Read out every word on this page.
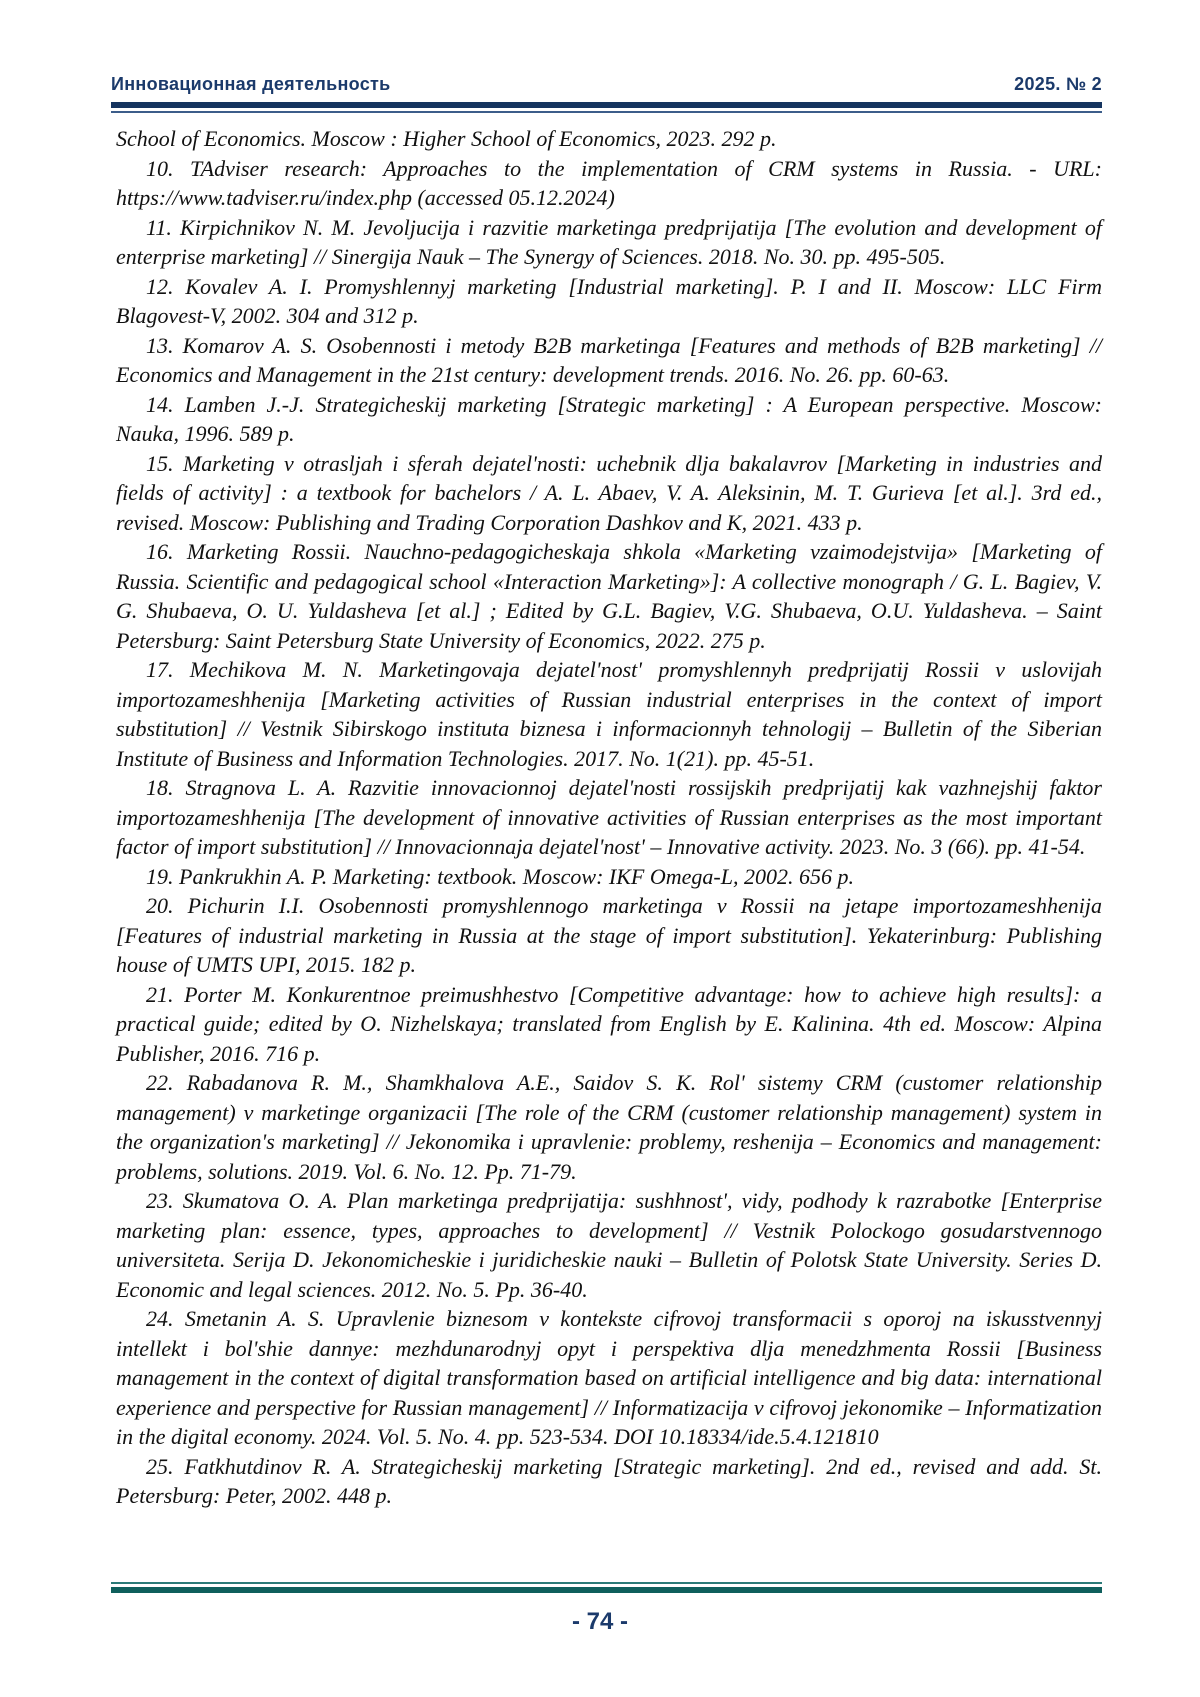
Инновационная деятельность	2025. № 2

School of Economics. Moscow : Higher School of Economics, 2023. 292 p.

10. TAdviser research: Approaches to the implementation of CRM systems in Russia. - URL: https://www.tadviser.ru/index.php (accessed 05.12.2024)

11. Kirpichnikov N. M. Jevoljucija i razvitie marketinga predprijatija [The evolution and development of enterprise marketing] // Sinergija Nauk – The Synergy of Sciences. 2018. No. 30. pp. 495-505.

12. Kovalev A. I. Promyshlennyj marketing [Industrial marketing]. P. I and II. Moscow: LLC Firm Blagovest-V, 2002. 304 and 312 p.

13. Komarov A. S. Osobennosti i metody B2B marketinga [Features and methods of B2B marketing] // Economics and Management in the 21st century: development trends. 2016. No. 26. pp. 60-63.

14. Lamben J.-J. Strategicheskij marketing [Strategic marketing] : A European perspective. Moscow: Nauka, 1996. 589 p.

15. Marketing v otrasljah i sferah dejatel'nosti: uchebnik dlja bakalavrov [Marketing in industries and fields of activity] : a textbook for bachelors / A. L. Abaev, V. A. Aleksinin, M. T. Gurieva [et al.]. 3rd ed., revised. Moscow: Publishing and Trading Corporation Dashkov and K, 2021. 433 p.

16. Marketing Rossii. Nauchno-pedagogicheskaja shkola «Marketing vzaimodejstvija» [Marketing of Russia. Scientific and pedagogical school «Interaction Marketing»]: A collective monograph / G. L. Bagiev, V. G. Shubaeva, O. U. Yuldasheva [et al.] ; Edited by G.L. Bagiev, V.G. Shubaeva, O.U. Yuldasheva. – Saint Petersburg: Saint Petersburg State University of Economics, 2022. 275 p.

17. Mechikova M. N. Marketingovaja dejatel'nost' promyshlennyh predprijatij Rossii v uslovijah importozameshhenija [Marketing activities of Russian industrial enterprises in the context of import substitution] // Vestnik Sibirskogo instituta biznesa i informacionnyh tehnologij – Bulletin of the Siberian Institute of Business and Information Technologies. 2017. No. 1(21). pp. 45-51.

18. Stragnova L. A. Razvitie innovacionnoj dejatel'nosti rossijskih predprijatij kak vazhnejshij faktor importozameshhenija [The development of innovative activities of Russian enterprises as the most important factor of import substitution] // Innovacionnaja dejatel'nost' – Innovative activity. 2023. No. 3 (66). pp. 41-54.

19. Pankrukhin A. P. Marketing: textbook. Moscow: IKF Omega-L, 2002. 656 p.

20. Pichurin I.I. Osobennosti promyshlennogo marketinga v Rossii na jetape importozameshhenija [Features of industrial marketing in Russia at the stage of import substitution]. Yekaterinburg: Publishing house of UMTS UPI, 2015. 182 p.

21. Porter M. Konkurentnoe preimushhestvo [Competitive advantage: how to achieve high results]: a practical guide; edited by O. Nizhelskaya; translated from English by E. Kalinina. 4th ed. Moscow: Alpina Publisher, 2016. 716 p.

22. Rabadanova R. M., Shamkhalova A.E., Saidov S. K. Rol' sistemy CRM (customer relationship management) v marketinge organizacii [The role of the CRM (customer relationship management) system in the organization's marketing] // Jekonomika i upravlenie: problemy, reshenija – Economics and management: problems, solutions. 2019. Vol. 6. No. 12. Pp. 71-79.

23. Skumatova O. A. Plan marketinga predprijatija: sushhnost', vidy, podhody k razrabotke [Enterprise marketing plan: essence, types, approaches to development] // Vestnik Polockogo gosudarstvennogo universiteta. Serija D. Jekonomicheskie i juridicheskie nauki – Bulletin of Polotsk State University. Series D. Economic and legal sciences. 2012. No. 5. Pp. 36-40.

24. Smetanin A. S. Upravlenie biznesom v kontekste cifrovoj transformacii s oporoj na iskusstvennyj intellekt i bol'shie dannye: mezhdunarodnyj opyt i perspektiva dlja menedzhmenta Rossii [Business management in the context of digital transformation based on artificial intelligence and big data: international experience and perspective for Russian management] // Informatizacija v cifrovoj jekonomike – Informatization in the digital economy. 2024. Vol. 5. No. 4. pp. 523-534. DOI 10.18334/ide.5.4.121810

25. Fatkhutdinov R. A. Strategicheskij marketing [Strategic marketing]. 2nd ed., revised and add. St. Petersburg: Peter, 2002. 448 p.

- 74 -
